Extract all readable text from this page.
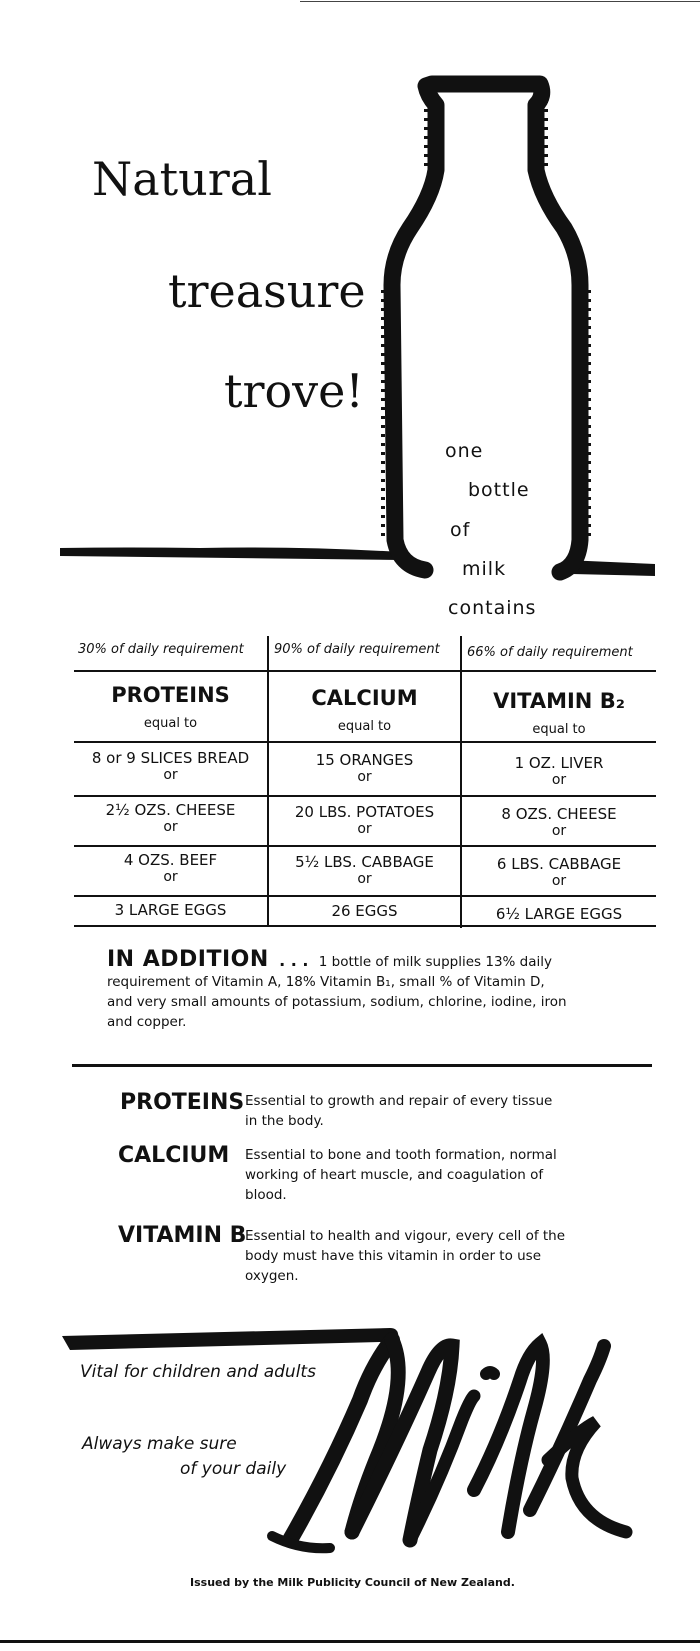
Natural
treasure
trove!
one
bottle
of
milk
contains
30% of daily requirement 90% of daily requirement 66% of daily requirement
PROTEINS
equal to
CALCIUM
equal to
VITAMIN B₂
equal to
8 or 9 SLICES BREAD
or
2½ OZS. CHEESE
or
4 OZS. BEEF
or
3 LARGE EGGS
15 ORANGES
or
20 LBS. POTATOES
or
5½ LBS. CABBAGE
or
26 EGGS
1 OZ. LIVER
or
8 OZS. CHEESE
or
6 LBS. CABBAGE
or
6½ LARGE EGGS
IN ADDITION . . . 1 bottle of milk supplies 13% daily
requirement of Vitamin A, 18% Vitamin B₁, small % of Vitamin D,
and very small amounts of potassium, sodium, chlorine, iodine, iron
and copper.
PROTEINS Essential to growth and repair of every tissue
in the body.
CALCIUM Essential to bone and tooth formation, normal
working of heart muscle, and coagulation of
blood.
VITAMIN B
Essential to health and vigour, every cell of the
body must have this vitamin in order to use
oxygen.
Vital for children and adults
Always make sure
of your daily
Issued by the Milk Publicity Council of New Zealand.
